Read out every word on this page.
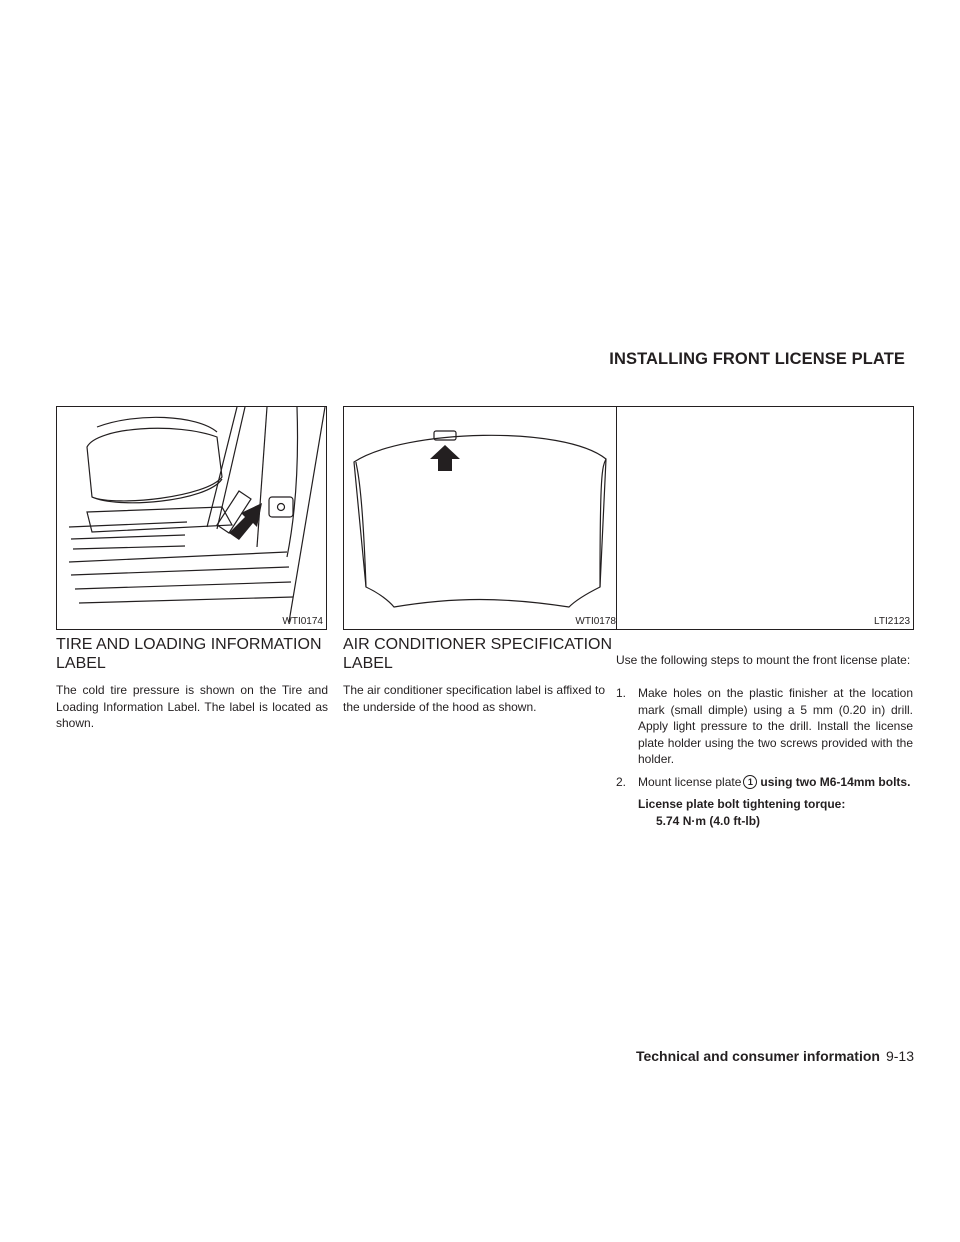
INSTALLING FRONT LICENSE PLATE
WTI0174	WTI0178	LTI2123
TIRE AND LOADING INFORMATION
LABEL
The cold tire pressure is shown on the Tire and Loading Information Label. The label is located as shown.
AIR CONDITIONER SPECIFICATION
LABEL
The air conditioner specification label is affixed to the underside of the hood as shown.
Use the following steps to mount the front license plate:
1. Make holes on the plastic finisher at the location mark (small dimple) using a 5 mm (0.20 in) drill. Apply light pressure to the drill. Install the license plate holder using the two screws provided with the holder.
2. Mount license plate 1 using two M6-14mm bolts.
License plate bolt tightening torque:
5.74 N·m (4.0 ft-lb)
Technical and consumer information 9-13
